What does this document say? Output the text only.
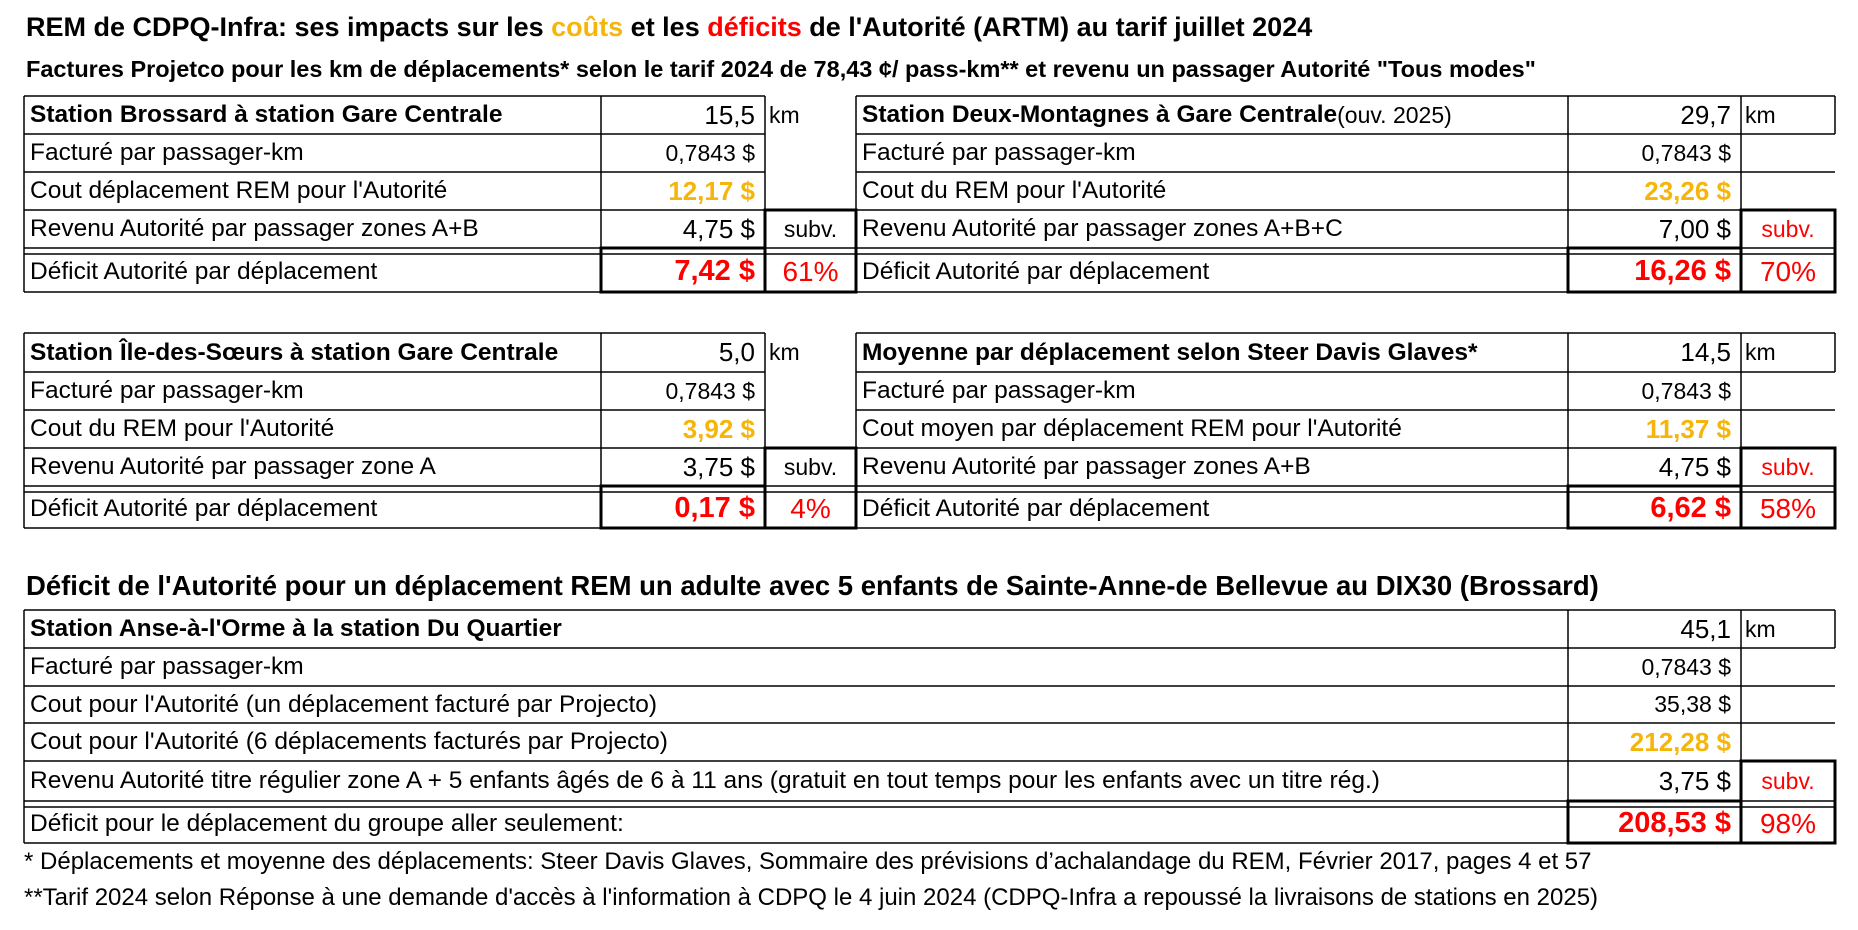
REM de CDPQ-Infra: ses impacts sur les coûts et les déficits de l'Autorité (ARTM) au tarif juillet 2024
Factures Projetco pour les km de déplacements* selon le tarif 2024 de 78,43 ¢/ pass-km** et revenu un passager Autorité "Tous modes"
Station Brossard à station Gare Centrale	15,5 km
Facturé par passager-km	0,7843 $
Cout déplacement REM pour l'Autorité	12,17 $
Revenu Autorité par passager zones A+B	4,75 $	subv.
Déficit Autorité par déplacement	7,42 $ 61%
Station Deux-Montagnes à Gare Centrale (ouv. 2025)	29,7 km
Facturé par passager-km	0,7843 $
Cout du REM pour l'Autorité	23,26 $
Revenu Autorité par passager zones A+B+C	7,00 $	subv.
Déficit Autorité par déplacement	16,26 $	70%
Station Île-des-Sœurs à station Gare Centrale	5,0 km
Facturé par passager-km	0,7843 $
Cout du REM pour l'Autorité	3,92 $
Revenu Autorité par passager zone A	3,75 $	subv.
Déficit Autorité par déplacement	0,17 $	4%
Moyenne par déplacement selon Steer Davis Glaves*	14,5 km
Facturé par passager-km	0,7843 $
Cout moyen par déplacement REM pour l'Autorité	11,37 $
Revenu Autorité par passager zones A+B	4,75 $	subv.
Déficit Autorité par déplacement	6,62 $	58%
Déficit de l'Autorité pour un déplacement REM un adulte avec 5 enfants de Sainte-Anne-de Bellevue au DIX30 (Brossard)
Station Anse-à-l'Orme à la station Du Quartier	45,1 km
Facturé par passager-km	0,7843 $
Cout pour l'Autorité (un déplacement facturé par Projecto)	35,38 $
Cout pour l'Autorité (6 déplacements facturés par Projecto)	212,28 $
Revenu Autorité titre régulier zone A + 5 enfants âgés de 6 à 11 ans (gratuit en tout temps pour les enfants avec un titre rég.)	3,75 $	subv.
Déficit pour le déplacement du groupe aller seulement:	208,53 $	98%
* Déplacements et moyenne des déplacements: Steer Davis Glaves, Sommaire des prévisions d’achalandage du REM, Février 2017, pages 4 et 57
**Tarif 2024 selon Réponse à une demande d'accès à l'information à CDPQ le 4 juin 2024 (CDPQ-Infra a repoussé la livraisons de stations en 2025)
